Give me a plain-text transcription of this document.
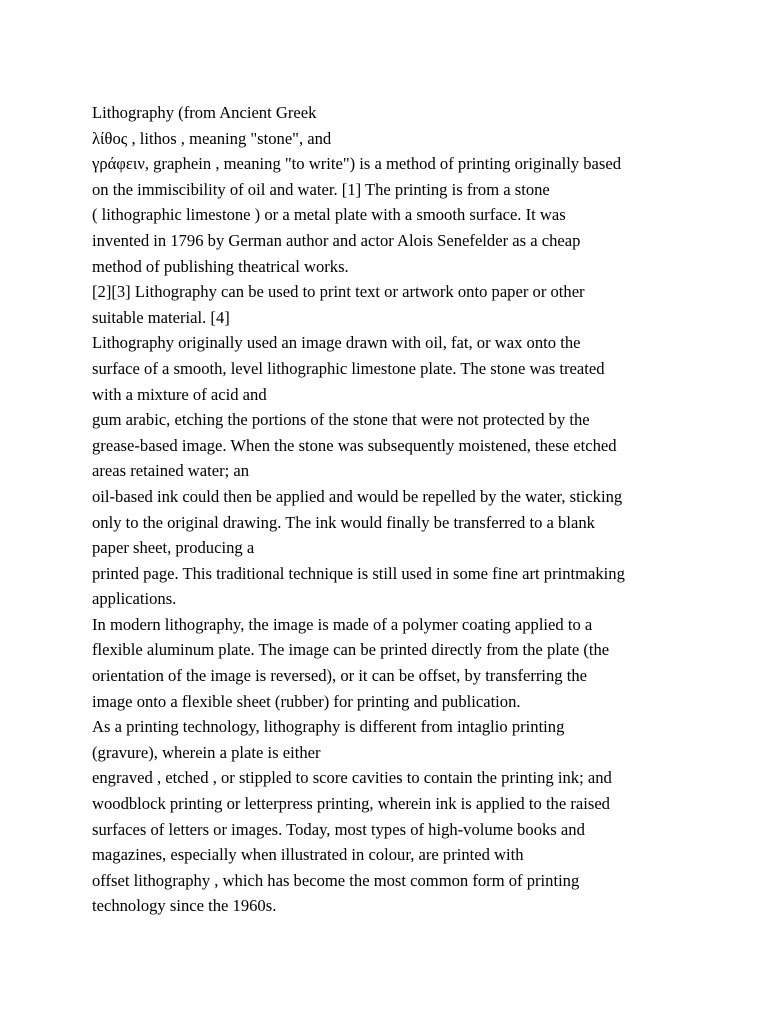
Lithography (from Ancient Greek
λίθος , lithos , meaning "stone", and
γράφειν, graphein , meaning "to write") is a method of printing originally based
on the immiscibility of oil and water. [1] The printing is from a stone
( lithographic limestone ) or a metal plate with a smooth surface. It was
invented in 1796 by German author and actor Alois Senefelder as a cheap
method of publishing theatrical works.
[2][3] Lithography can be used to print text or artwork onto paper or other
suitable material. [4]
Lithography originally used an image drawn with oil, fat, or wax onto the
surface of a smooth, level lithographic limestone plate. The stone was treated
with a mixture of acid and
gum arabic, etching the portions of the stone that were not protected by the
grease-based image. When the stone was subsequently moistened, these etched
areas retained water; an
oil-based ink could then be applied and would be repelled by the water, sticking
only to the original drawing. The ink would finally be transferred to a blank
paper sheet, producing a
printed page. This traditional technique is still used in some fine art printmaking
applications.
In modern lithography, the image is made of a polymer coating applied to a
flexible aluminum plate. The image can be printed directly from the plate (the
orientation of the image is reversed), or it can be offset, by transferring the
image onto a flexible sheet (rubber) for printing and publication.
As a printing technology, lithography is different from intaglio printing
(gravure), wherein a plate is either
engraved , etched , or stippled to score cavities to contain the printing ink; and
woodblock printing or letterpress printing, wherein ink is applied to the raised
surfaces of letters or images. Today, most types of high-volume books and
magazines, especially when illustrated in colour, are printed with
offset lithography , which has become the most common form of printing
technology since the 1960s.
